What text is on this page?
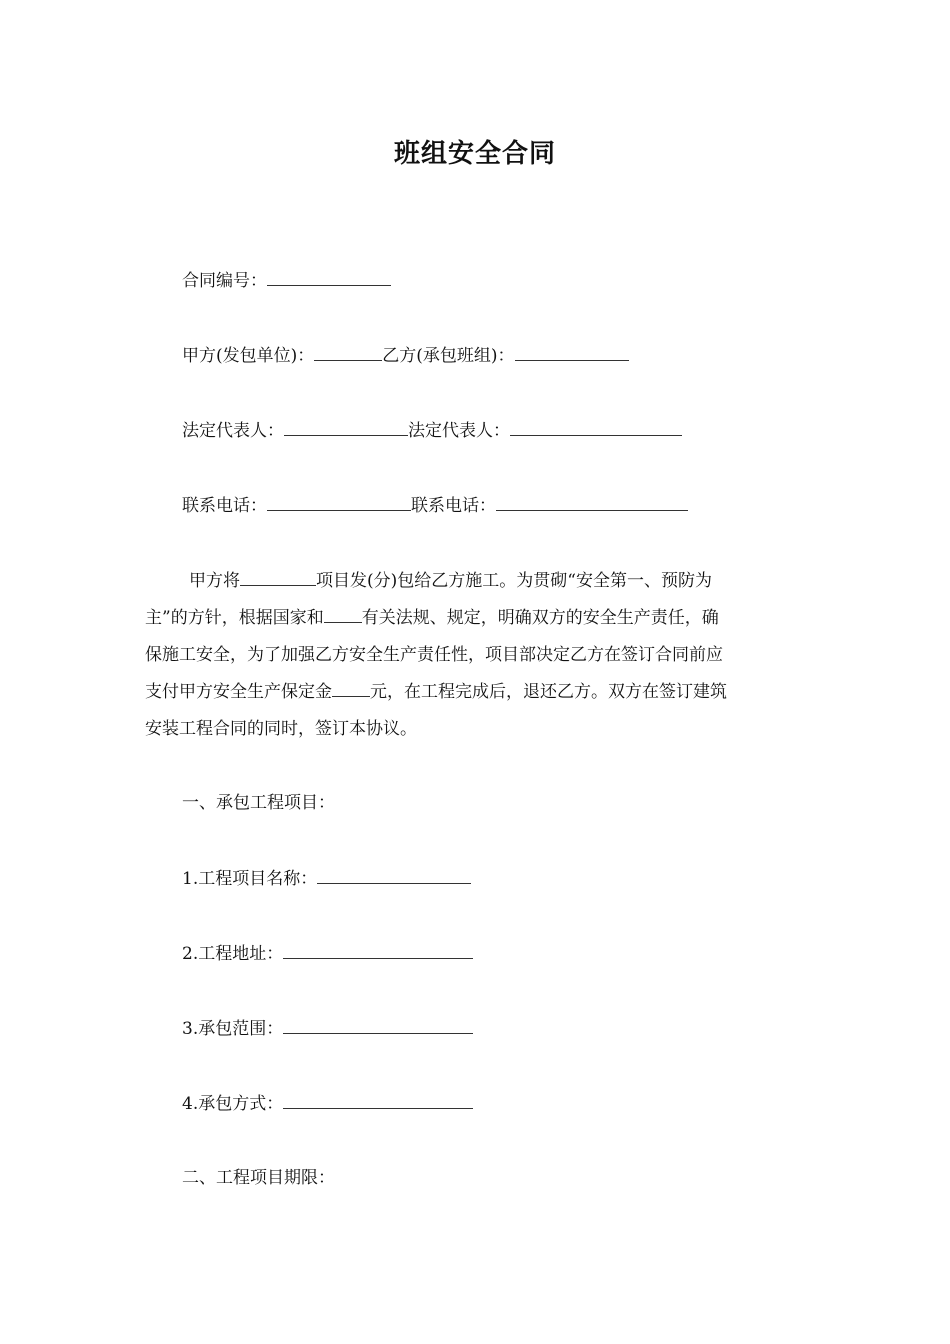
班组安全合同
合同编号：
甲方(发包单位)：	乙方(承包班组)：
法定代表人：	法定代表人：
联系电话：	联系电话：
甲方将	项目发(分)包给乙方施工。为贯砌“安全第一、预防为
主”的方针，根据国家和 有关法规、规定，明确双方的安全生产责任，确
保施工安全，为了加强乙方安全生产责任性，项目部决定乙方在签订合同前应
支付甲方安全生产保定金 元，在工程完成后，退还乙方。双方在签订建筑
安装工程合同的同时，签订本协议。
一、承包工程项目：
1.工程项目名称：
2.工程地址：
3.承包范围：
4.承包方式：
二、工程项目期限：
